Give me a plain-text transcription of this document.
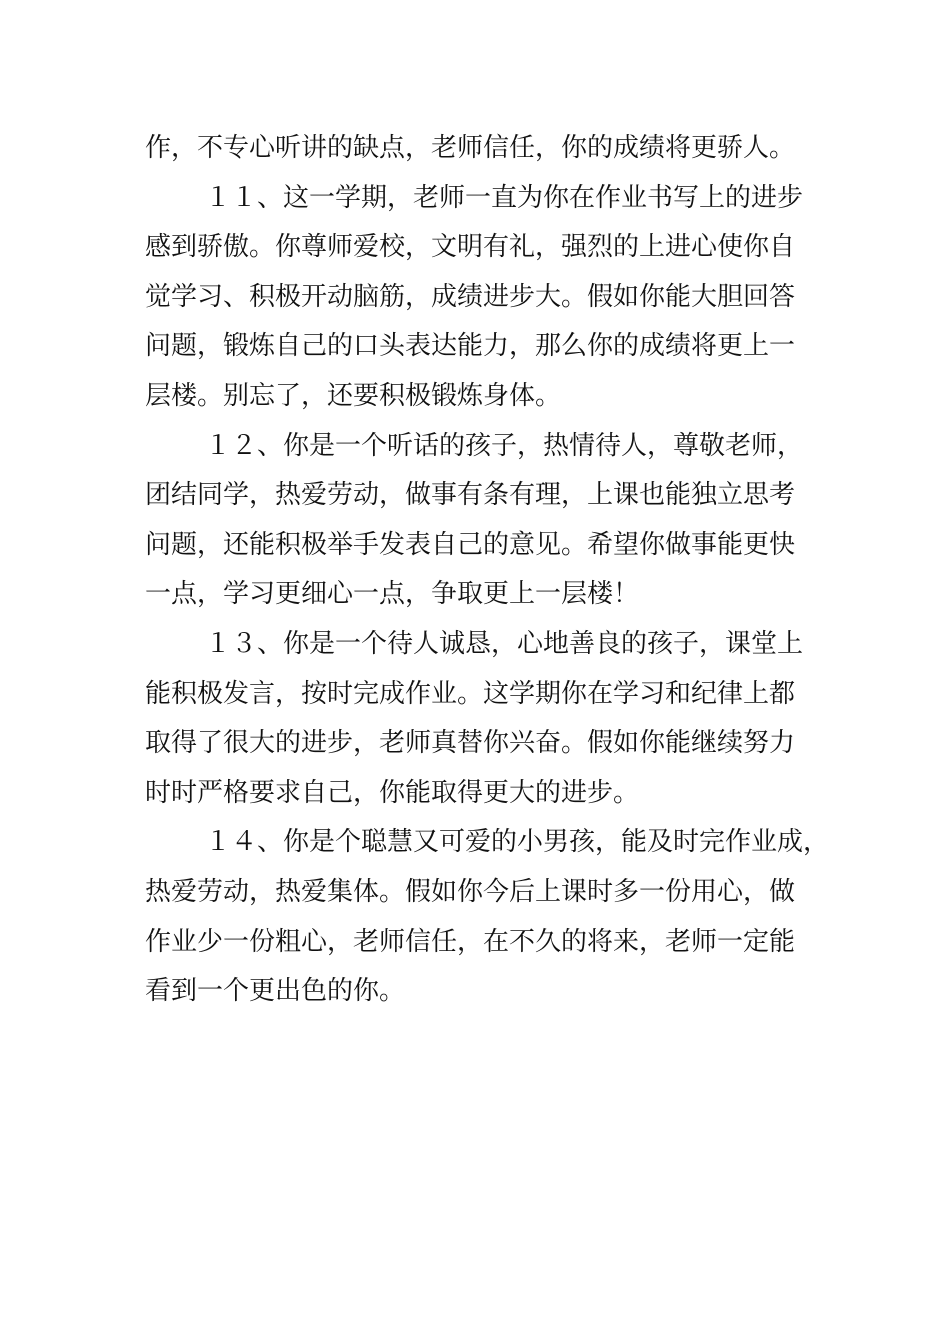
作，不专心听讲的缺点，老师信任，你的成绩将更骄人。
１１、这一学期，老师一直为你在作业书写上的进步
感到骄傲。你尊师爱校，文明有礼，强烈的上进心使你自
觉学习、积极开动脑筋，成绩进步大。假如你能大胆回答
问题，锻炼自己的口头表达能力，那么你的成绩将更上一
层楼。别忘了，还要积极锻炼身体。
１２、你是一个听话的孩子，热情待人，尊敬老师，
团结同学，热爱劳动，做事有条有理，上课也能独立思考
问题，还能积极举手发表自己的意见。希望你做事能更快
一点，学习更细心一点，争取更上一层楼！
１３、你是一个待人诚恳，心地善良的孩子，课堂上
能积极发言，按时完成作业。这学期你在学习和纪律上都
取得了很大的进步，老师真替你兴奋。假如你能继续努力
时时严格要求自己，你能取得更大的进步。
１４、你是个聪慧又可爱的小男孩，能及时完作业成，
热爱劳动，热爱集体。假如你今后上课时多一份用心，做
作业少一份粗心，老师信任，在不久的将来，老师一定能
看到一个更出色的你。
